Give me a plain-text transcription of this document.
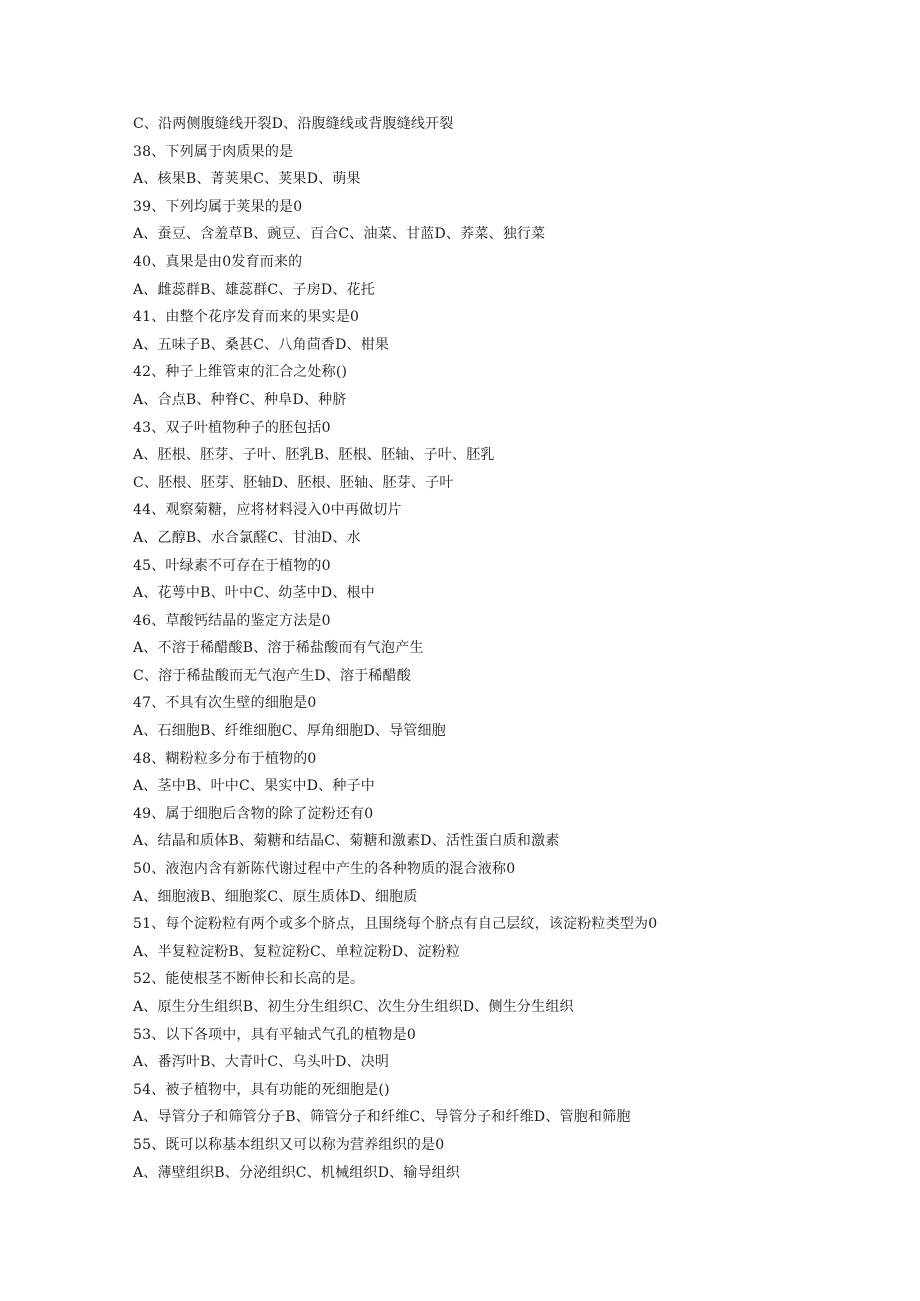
C、沿两侧腹缝线开裂D、沿腹缝线或背腹缝线开裂
38、下列属于肉质果的是
A、核果B、菁荚果C、荚果D、萌果
39、下列均属于荚果的是0
A、蚕豆、含羞草B、豌豆、百合C、油菜、甘蓝D、荞菜、独行菜
40、真果是由0发育而来的
A、雌蕊群B、雄蕊群C、子房D、花托
41、由整个花序发育而来的果实是0
A、五味子B、桑甚C、八角茴香D、柑果
42、种子上维管束的汇合之处称()
A、合点B、种脊C、种阜D、种脐
43、双子叶植物种子的胚包括0
A、胚根、胚芽、子叶、胚乳B、胚根、胚轴、子叶、胚乳
C、胚根、胚芽、胚轴D、胚根、胚轴、胚芽、子叶
44、观察菊糖，应将材料浸入0中再做切片
A、乙醇B、水合氯醛C、甘油D、水
45、叶绿素不可存在于植物的0
A、花萼中B、叶中C、幼茎中D、根中
46、草酸钙结晶的鉴定方法是0
A、不溶于稀醋酸B、溶于稀盐酸而有气泡产生
C、溶于稀盐酸而无气泡产生D、溶于稀醋酸
47、不具有次生壁的细胞是0
A、石细胞B、纤维细胞C、厚角细胞D、导管细胞
48、糊粉粒多分布于植物的0
A、茎中B、叶中C、果实中D、种子中
49、属于细胞后含物的除了淀粉还有0
A、结晶和质体B、菊糖和结晶C、菊糖和激素D、活性蛋白质和激素
50、液泡内含有新陈代谢过程中产生的各种物质的混合液称0
A、细胞液B、细胞浆C、原生质体D、细胞质
51、每个淀粉粒有两个或多个脐点，且围绕每个脐点有自己层纹，该淀粉粒类型为0
A、半复粒淀粉B、复粒淀粉C、单粒淀粉D、淀粉粒
52、能使根茎不断伸长和长高的是。
A、原生分生组织B、初生分生组织C、次生分生组织D、侧生分生组织
53、以下各项中，具有平轴式气孔的植物是0
A、番泻叶B、大青叶C、乌头叶D、决明
54、被子植物中，具有功能的死细胞是()
A、导管分子和筛管分子B、筛管分子和纤维C、导管分子和纤维D、管胞和筛胞
55、既可以称基本组织又可以称为营养组织的是0
A、薄壁组织B、分泌组织C、机械组织D、输导组织
